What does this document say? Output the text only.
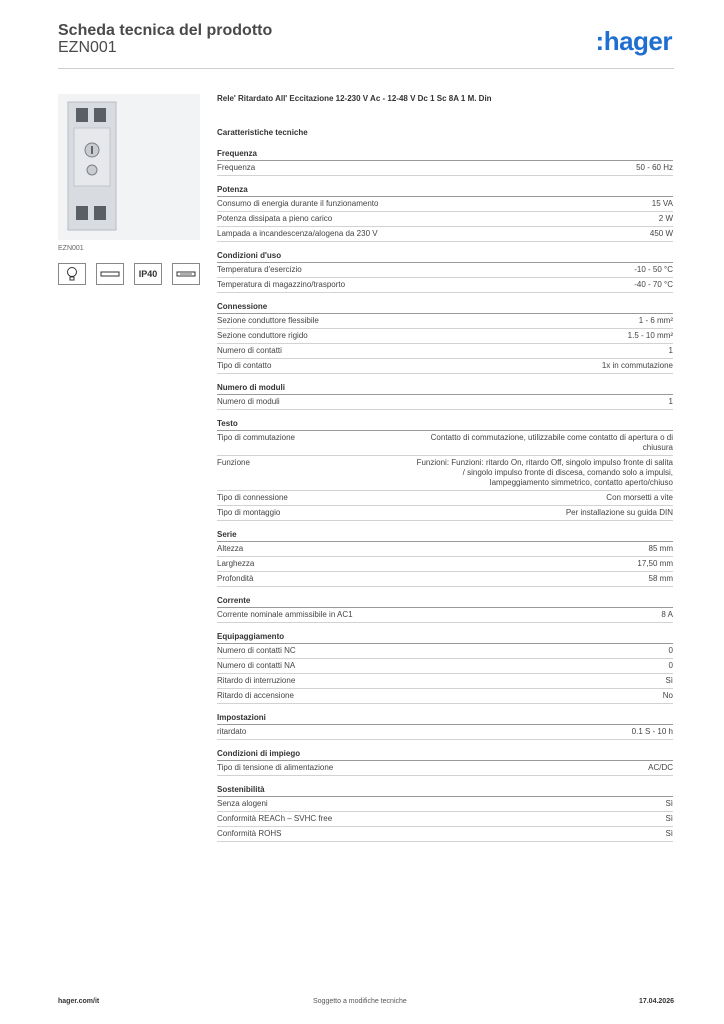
Scheda tecnica del prodotto
EZN001	:hager
EZN001
IP40
Rele' Ritardato All' Eccitazione 12-230 V Ac - 12-48 V Dc 1 Sc 8A 1 M. Din
Caratteristiche tecniche
Frequenza
Frequenza	50 - 60 Hz
Potenza
Consumo di energia durante il funzionamento	15 VA
Potenza dissipata a pieno carico	2 W
Lampada a incandescenza/alogena da 230 V	450 W
Condizioni d'uso
Temperatura d'esercizio	-10 - 50 °C
Temperatura di magazzino/trasporto	-40 - 70 °C
Connessione
Sezione conduttore flessibile	1 - 6 mm²
Sezione conduttore rigido	1.5 - 10 mm²
Numero di contatti	1
Tipo di contatto	1x in commutazione
Numero di moduli
Numero di moduli	1
Testo
Tipo di commutazione	Contatto di commutazione, utilizzabile come contatto di apertura o di chiusura
Funzione	Funzioni: Funzioni: ritardo On, ritardo Off, singolo impulso fronte di salita / singolo impulso fronte di discesa, comando solo a impulsi, lampeggiamento simmetrico, contatto aperto/chiuso
Tipo di connessione	Con morsetti a vite
Tipo di montaggio	Per installazione su guida DIN
Serie
Altezza	85 mm
Larghezza	17,50 mm
Profondità	58 mm
Corrente
Corrente nominale ammissibile in AC1	8 A
Equipaggiamento
Numero di contatti NC	0
Numero di contatti NA	0
Ritardo di interruzione	Sì
Ritardo di accensione	No
Impostazioni
ritardato	0.1 S - 10 h
Condizioni di impiego
Tipo di tensione di alimentazione	AC/DC
Sostenibilità
Senza alogeni	Sì
Conformità REACh – SVHC free	Sì
Conformità ROHS	Sì
hager.com/it	Soggetto a modifiche tecniche	17.04.2026
